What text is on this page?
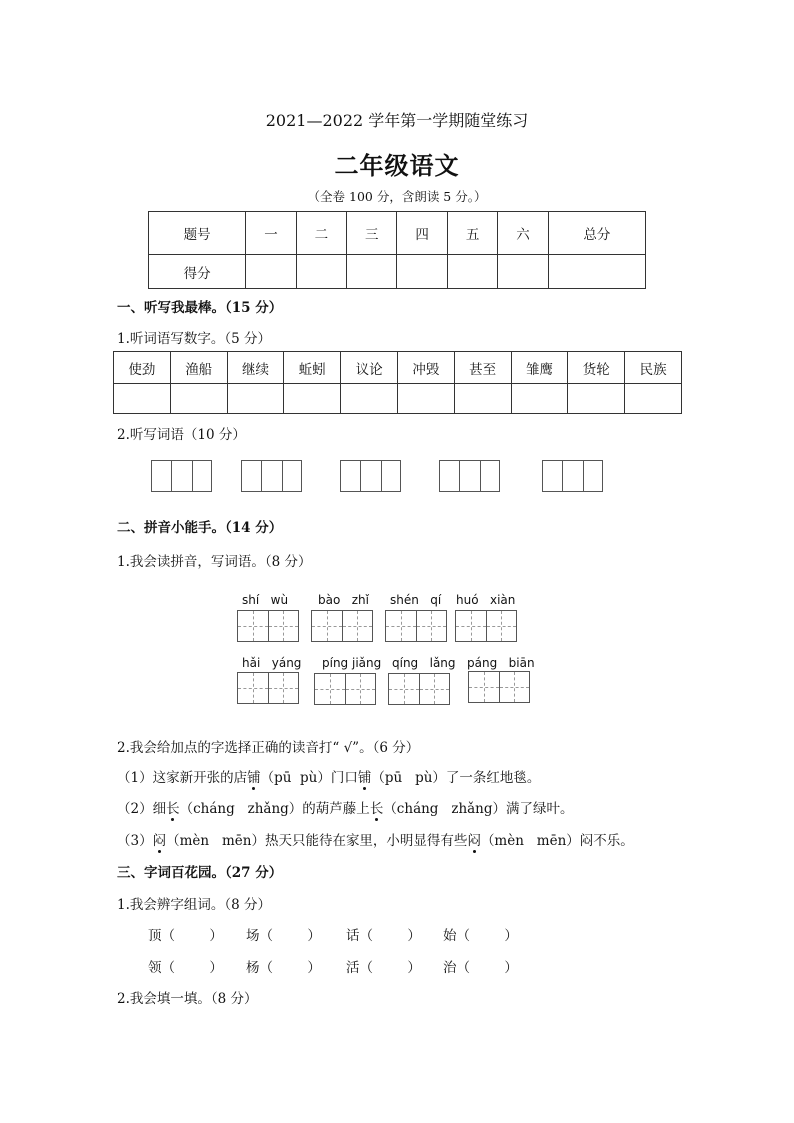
2021—2022 学年第一学期随堂练习
二年级语文
（全卷 100 分，含朗读 5 分。）
题号	一	二	三	四	五	六	总分
得分							
一、听写我最棒。（15 分）
1.听词语写数字。（5 分）
使劲	渔船	继续	蚯蚓	议论	冲毁	甚至	雏鹰	货轮	民族

2.听写词语（10 分）
二、拼音小能手。（14 分）
1.我会读拼音，写词语。（8 分）
shí   wù bào   zhǐ shén   qí huó   xiàn
hǎi   yáng píng jiǎng qíng   lǎng páng   biān
2.我会给加点的字选择正确的读音打“ √”。（6 分）
（1）这家新开张的店铺（pū  pù）门口铺（pū   pù）了一条红地毯。
（2）细长（cháng   zhǎng）的葫芦藤上长（cháng   zhǎng）满了绿叶。
（3）闷（mèn   mēn）热天只能待在家里，小明显得有些闷（mèn   mēn）闷不乐。
三、字词百花园。（27 分）
1.我会辨字组词。（8 分）
顶（        ） 场（        ） 话（        ） 始（        ）
领（        ） 杨（        ） 活（        ） 治（        ）
2.我会填一填。（8 分）
